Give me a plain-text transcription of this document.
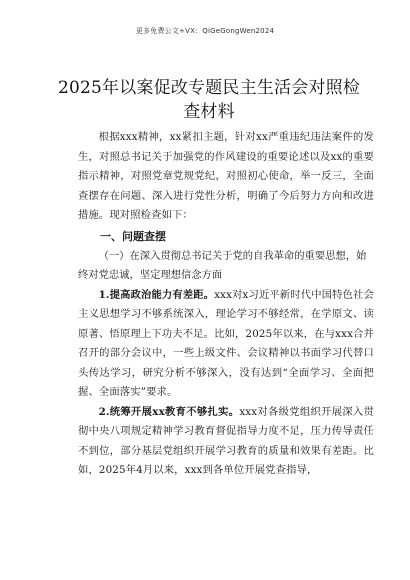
更多免费公文+VX：QiGeGongWen2024
2025年以案促改专题民主生活会对照检查材料

根据xxx精神，xx紧扣主题，针对xx严重违纪违法案件的发生，对照总书记关于加强党的作风建设的重要论述以及xx的重要指示精神，对照党章党规党纪，对照初心使命，举一反三，全面查摆存在问题、深入进行党性分析，明确了今后努力方向和改进措施。现对照检查如下：

一、问题查摆

（一）在深入贯彻总书记关于党的自我革命的重要思想，始终对党忠诚，坚定理想信念方面

1.提高政治能力有差距。xxx对x习近平新时代中国特色社会主义思想学习不够系统深入，理论学习不够经常，在学原文、读原著、悟原理上下功夫不足。比如，2025年以来，在与xxx合并召开的部分会议中，一些上级文件、会议精神以书面学习代替口头传达学习，研究分析不够深入，没有达到“全面学习、全面把握、全面落实”要求。

2.统筹开展xx教育不够扎实。xxx对各级党组织开展深入贯彻中央八项规定精神学习教育督促指导力度不足，压力传导责任不到位，部分基层党组织开展学习教育的质量和效果有差距。比如，2025年4月以来，xxx到各单位开展党查指导，
